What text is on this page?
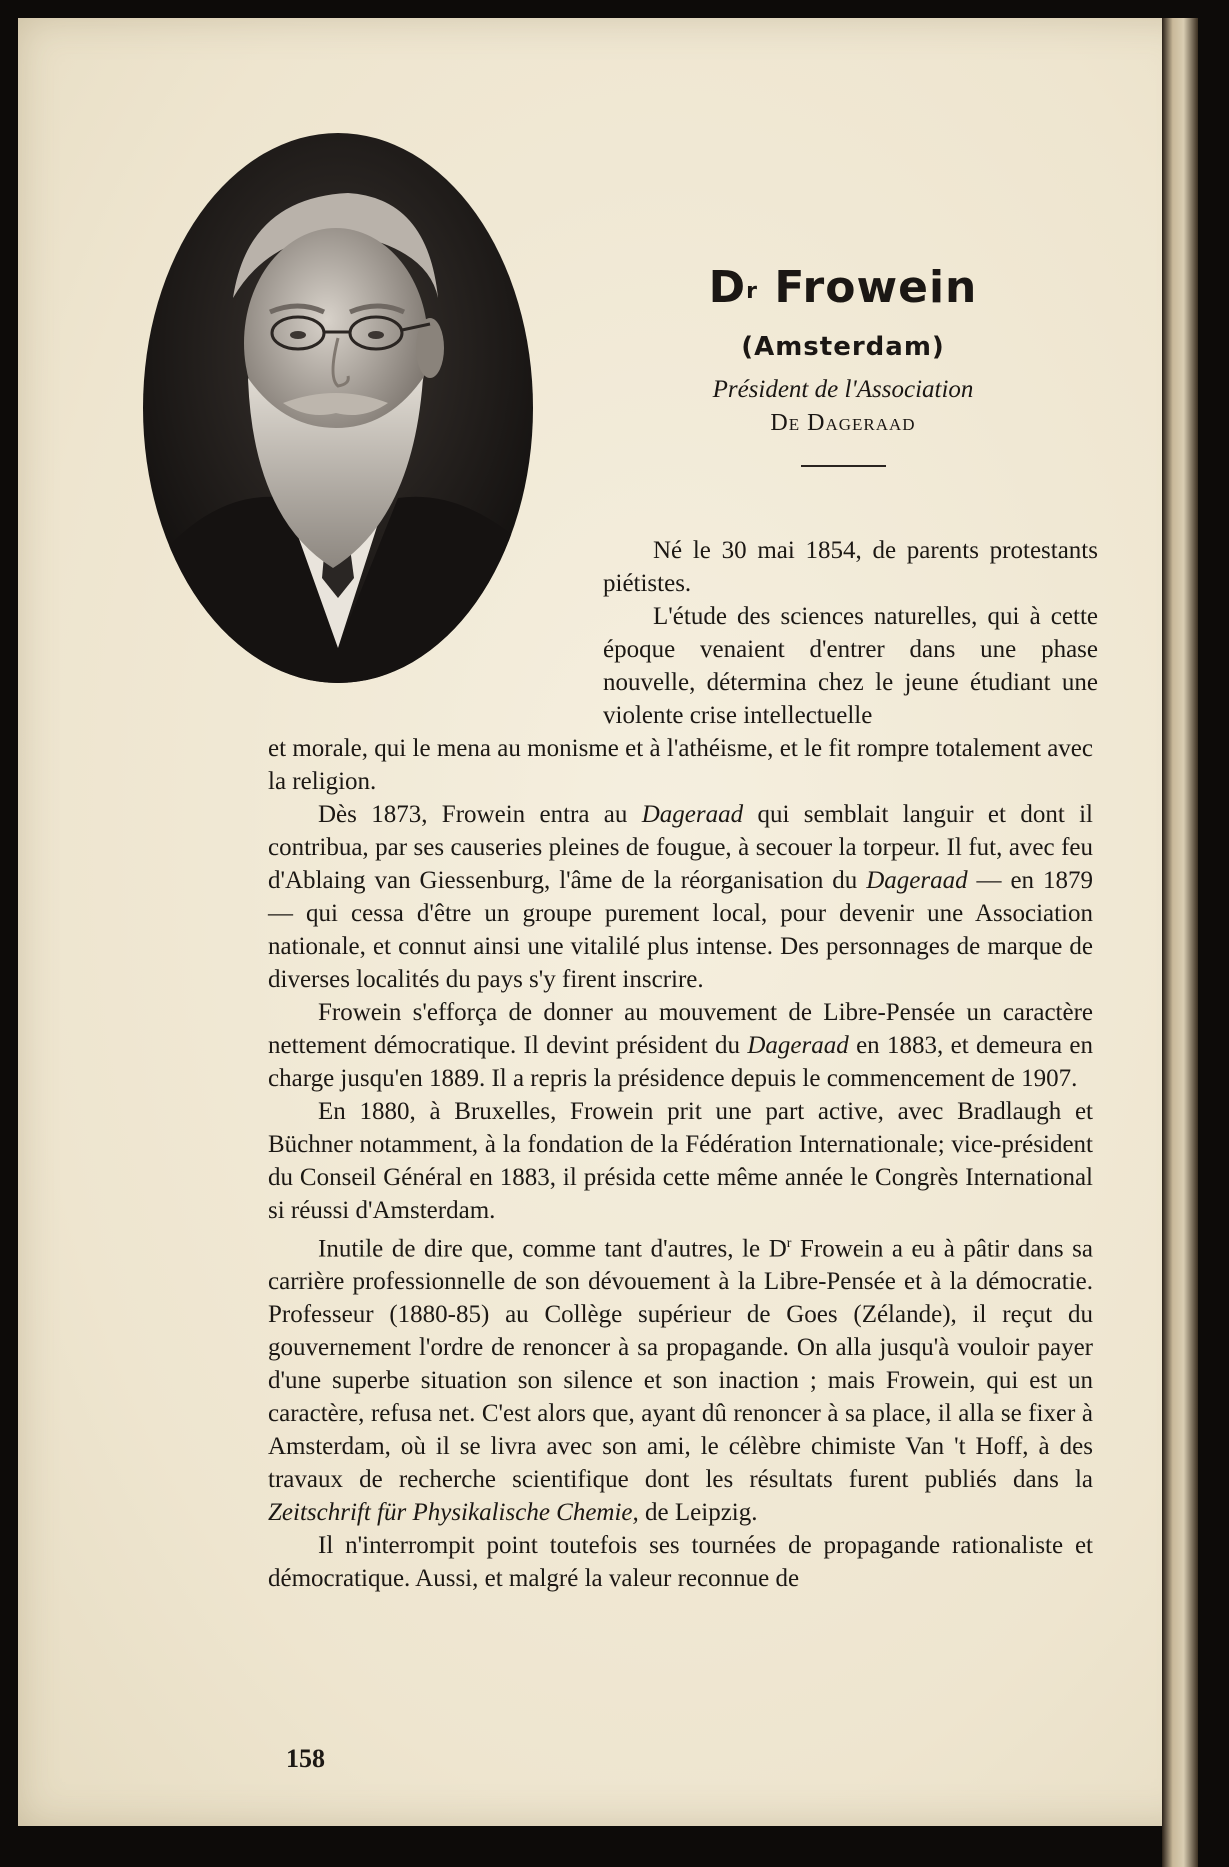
$D^r$ Frowein
(Amsterdam)
Président de l'Association
De Dageraad

Né le 30 mai 1854, de parents protestants piétistes.

L'étude des sciences naturelles, qui à cette époque venaient d'entrer dans une phase nouvelle, détermina chez le jeune étudiant une violente crise intellectuelle

et morale, qui le mena au monisme et à l'athéisme, et le fit rompre totalement avec la religion.

Dès 1873, Frowein entra au Dageraad qui semblait languir et dont il contribua, par ses causeries pleines de fougue, à secouer la torpeur. Il fut, avec feu d'Ablaing van Giessenburg, l'âme de la réorganisation du Dageraad — en 1879 — qui cessa d'être un groupe purement local, pour devenir une Association nationale, et connut ainsi une vitalilé plus intense. Des personnages de marque de diverses localités du pays s'y firent inscrire.

Frowein s'efforça de donner au mouvement de Libre-Pensée un caractère nettement démocratique. Il devint président du Dageraad en 1883, et demeura en charge jusqu'en 1889. Il a repris la présidence depuis le commencement de 1907.

En 1880, à Bruxelles, Frowein prit une part active, avec Bradlaugh et Büchner notamment, à la fondation de la Fédération Internationale; vice-président du Conseil Général en 1883, il présida cette même année le Congrès International si réussi d'Amsterdam.

Inutile de dire que, comme tant d'autres, le $D^r$ Frowein a eu à pâtir dans sa carrière professionnelle de son dévouement à la Libre-Pensée et à la démocratie. Professeur (1880-85) au Collège supérieur de Goes (Zélande), il reçut du gouvernement l'ordre de renoncer à sa propagande. On alla jusqu'à vouloir payer d'une superbe situation son silence et son inaction ; mais Frowein, qui est un caractère, refusa net. C'est alors que, ayant dû renoncer à sa place, il alla se fixer à Amsterdam, où il se livra avec son ami, le célèbre chimiste Van 't Hoff, à des travaux de recherche scientifique dont les résultats furent publiés dans la Zeitschrift für Physikalische Chemie, de Leipzig.

Il n'interrompit point toutefois ses tournées de propagande rationaliste et démocratique. Aussi, et malgré la valeur reconnue de

158
